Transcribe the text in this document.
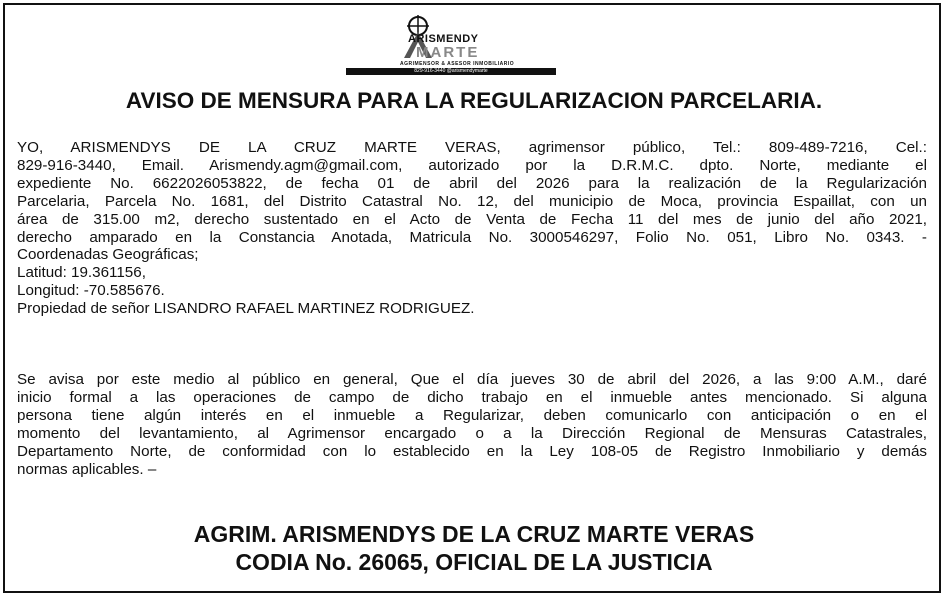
ARISMENDY
MARTE
AGRIMENSOR & ASESOR INMOBILIARIO
829-916-3440 @arismendymarte
AVISO DE MENSURA PARA LA REGULARIZACION PARCELARIA.
YO, ARISMENDYS DE LA CRUZ MARTE VERAS, agrimensor público, Tel.: 809-489-7216, Cel.:
829-916-3440, Email. Arismendy.agm@gmail.com, autorizado por la D.R.M.C. dpto. Norte, mediante el
expediente No. 6622026053822, de fecha 01 de abril del 2026 para la realización de la Regularización
Parcelaria, Parcela No. 1681, del Distrito Catastral No. 12, del municipio de Moca, provincia Espaillat, con un
área de 315.00 m2, derecho sustentado en el Acto de Venta de Fecha 11 del mes de junio del año 2021,
derecho amparado en la Constancia Anotada, Matricula No. 3000546297, Folio No. 051, Libro No. 0343. -
Coordenadas Geográficas;
Latitud: 19.361156,
Longitud: -70.585676.
Propiedad de señor LISANDRO RAFAEL MARTINEZ RODRIGUEZ.
Se avisa por este medio al público en general, Que el día jueves 30 de abril del 2026, a las 9:00 A.M., daré
inicio formal a las operaciones de campo de dicho trabajo en el inmueble antes mencionado. Si alguna
persona tiene algún interés en el inmueble a Regularizar, deben comunicarlo con anticipación o en el
momento del levantamiento, al Agrimensor encargado o a la Dirección Regional de Mensuras Catastrales,
Departamento Norte, de conformidad con lo establecido en la Ley 108-05 de Registro Inmobiliario y demás
normas aplicables. –
AGRIM. ARISMENDYS DE LA CRUZ MARTE VERAS
CODIA No. 26065, OFICIAL DE LA JUSTICIA
